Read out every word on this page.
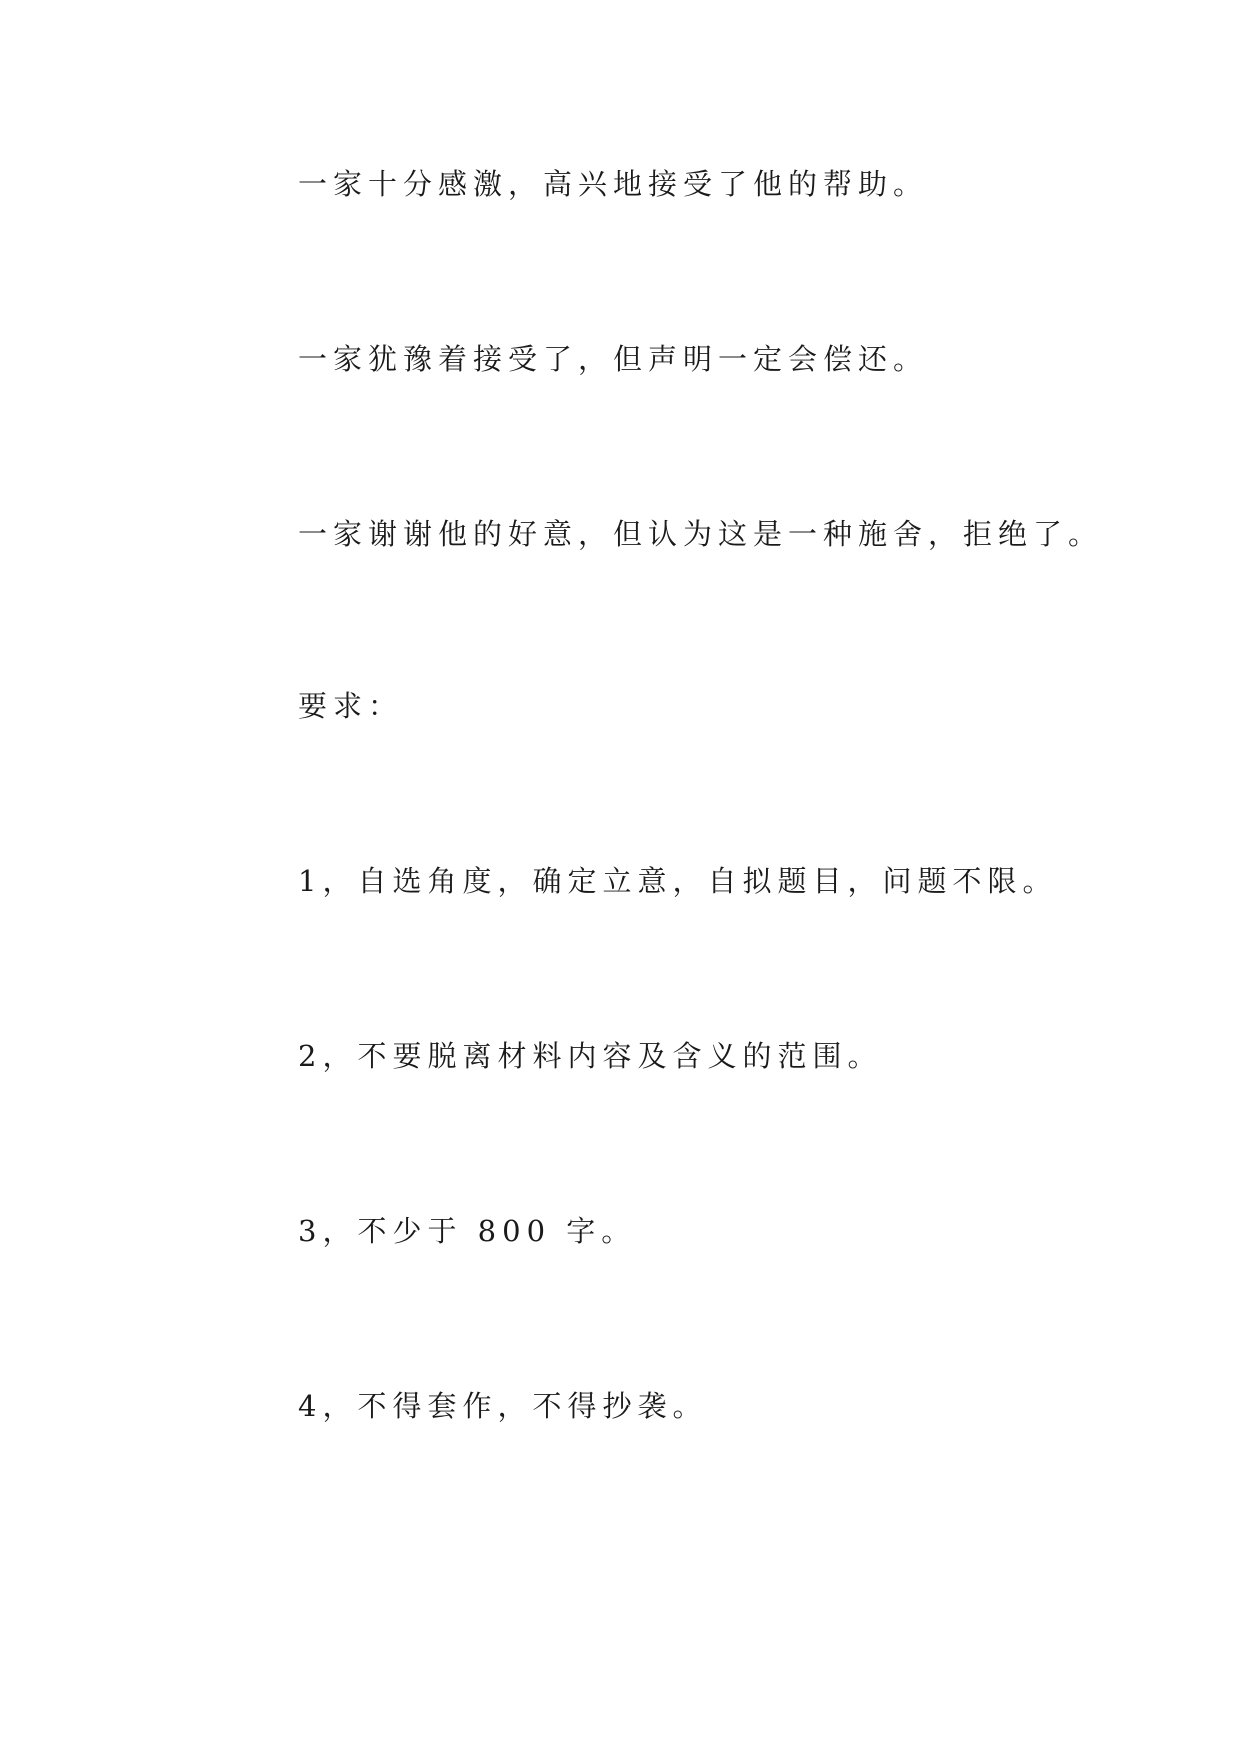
一家十分感激，高兴地接受了他的帮助。

一家犹豫着接受了，但声明一定会偿还。

一家谢谢他的好意，但认为这是一种施舍，拒绝了。

要求：

1，自选角度，确定立意，自拟题目，问题不限。

2，不要脱离材料内容及含义的范围。

3，不少于 800 字。

4，不得套作，不得抄袭。
